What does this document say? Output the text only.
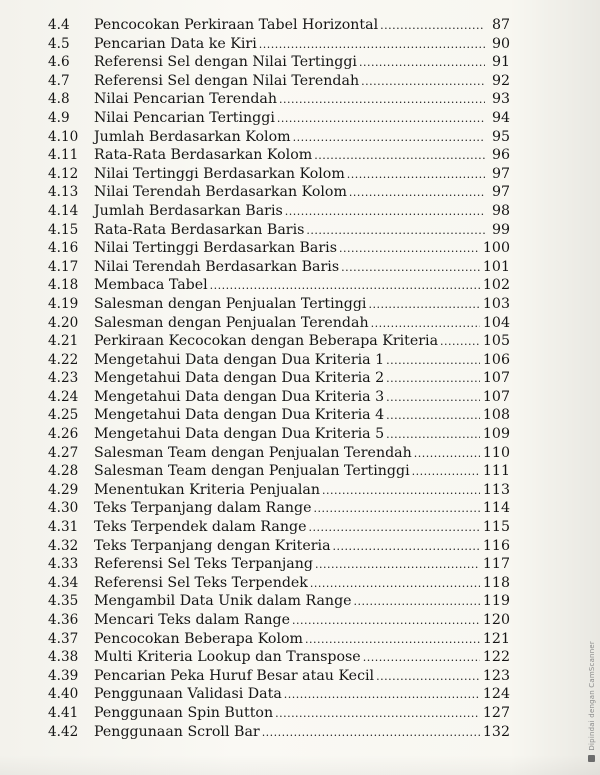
4.4	Pencocokan Perkiraan Tabel Horizontal .....	87
4.5	Pencarian Data ke Kiri .....	90
4.6	Referensi Sel dengan Nilai Tertinggi .....	91
4.7	Referensi Sel dengan Nilai Terendah .....	92
4.8	Nilai Pencarian Terendah .....	93
4.9	Nilai Pencarian Tertinggi .....	94
4.10	Jumlah Berdasarkan Kolom .....	95
4.11	Rata-Rata Berdasarkan Kolom .....	96
4.12	Nilai Tertinggi Berdasarkan Kolom .....	97
4.13	Nilai Terendah Berdasarkan Kolom .....	97
4.14	Jumlah Berdasarkan Baris .....	98
4.15	Rata-Rata Berdasarkan Baris .....	99
4.16	Nilai Tertinggi Berdasarkan Baris .....	100
4.17	Nilai Terendah Berdasarkan Baris .....	101
4.18	Membaca Tabel .....	102
4.19	Salesman dengan Penjualan Tertinggi .....	103
4.20	Salesman dengan Penjualan Terendah .....	104
4.21	Perkiraan Kecocokan dengan Beberapa Kriteria .....	105
4.22	Mengetahui Data dengan Dua Kriteria 1 .....	106
4.23	Mengetahui Data dengan Dua Kriteria 2 .....	107
4.24	Mengetahui Data dengan Dua Kriteria 3 .....	107
4.25	Mengetahui Data dengan Dua Kriteria 4 .....	108
4.26	Mengetahui Data dengan Dua Kriteria 5 .....	109
4.27	Salesman Team dengan Penjualan Terendah .....	110
4.28	Salesman Team dengan Penjualan Tertinggi .....	111
4.29	Menentukan Kriteria Penjualan .....	113
4.30	Teks Terpanjang dalam Range .....	114
4.31	Teks Terpendek dalam Range .....	115
4.32	Teks Terpanjang dengan Kriteria .....	116
4.33	Referensi Sel Teks Terpanjang .....	117
4.34	Referensi Sel Teks Terpendek .....	118
4.35	Mengambil Data Unik dalam Range .....	119
4.36	Mencari Teks dalam Range .....	120
4.37	Pencocokan Beberapa Kolom .....	121
4.38	Multi Kriteria Lookup dan Transpose .....	122
4.39	Pencarian Peka Huruf Besar atau Kecil .....	123
4.40	Penggunaan Validasi Data .....	124
4.41	Penggunaan Spin Button .....	127
4.42	Penggunaan Scroll Bar .....	132	Dipindai dengan CamScanner
